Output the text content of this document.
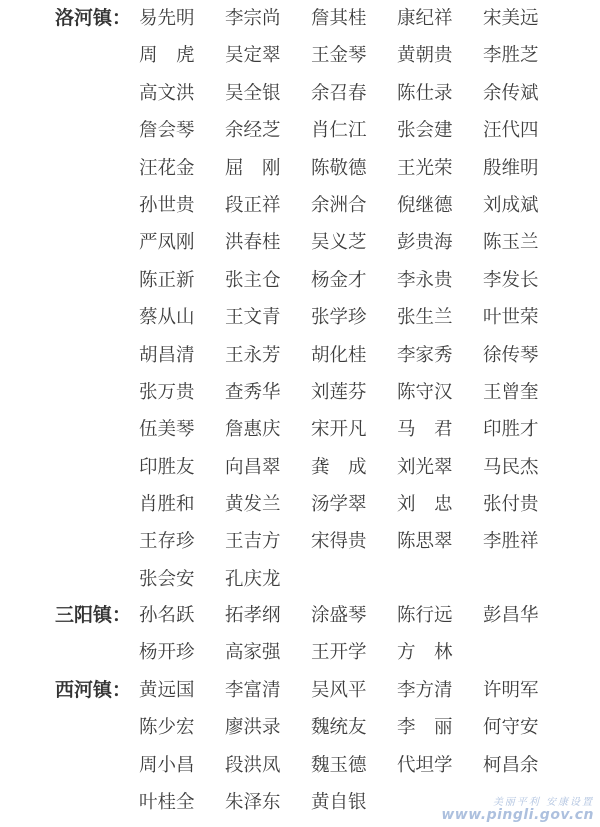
洛河镇： 易先明 李宗尚 詹其桂 康纪祥 宋美远
周　虎 吴定翠 王金琴 黄朝贵 李胜芝
高文洪 吴全银 余召春 陈仕录 余传斌
詹会琴 余经芝 肖仁江 张会建 汪代四
汪花金 屈　刚 陈敬德 王光荣 殷维明
孙世贵 段正祥 余洲合 倪继德 刘成斌
严凤刚 洪春桂 吴义芝 彭贵海 陈玉兰
陈正新 张主仓 杨金才 李永贵 李发长
蔡从山 王文青 张学珍 张生兰 叶世荣
胡昌清 王永芳 胡化桂 李家秀 徐传琴
张万贵 查秀华 刘莲芬 陈守汉 王曾奎
伍美琴 詹惠庆 宋开凡 马　君 印胜才
印胜友 向昌翠 龚　成 刘光翠 马民杰
肖胜和 黄发兰 汤学翠 刘　忠 张付贵
王存珍 王吉方 宋得贵 陈思翠 李胜祥
张会安 孔庆龙
三阳镇： 孙名跃 拓孝纲 涂盛琴 陈行远 彭昌华
杨开珍 高家强 王开学 方　林
西河镇： 黄远国 李富清 吴风平 李方清 许明军
陈少宏 廖洪录 魏统友 李　丽 何守安
周小昌 段洪凤 魏玉德 代坦学 柯昌余
叶桂全 朱泽东 黄自银	美丽平利 安康设置
www.pingli.gov.cn
